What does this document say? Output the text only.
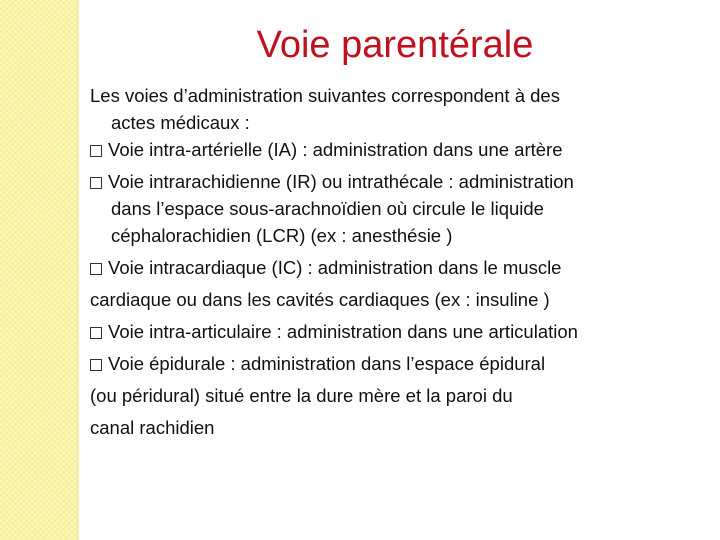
Voie parentérale
Les voies d’administration suivantes correspondent à des
actes médicaux :
Voie intra-artérielle (IA) : administration dans une artère
Voie intrarachidienne (IR) ou intrathécale : administration
dans l’espace sous-arachnoïdien où circule le liquide
céphalorachidien (LCR) (ex : anesthésie )
Voie intracardiaque (IC) : administration dans le muscle
cardiaque ou dans les cavités cardiaques (ex : insuline )
Voie intra-articulaire : administration dans une articulation
Voie épidurale : administration dans l’espace épidural
(ou péridural) situé entre la dure mère et la paroi du
canal rachidien
